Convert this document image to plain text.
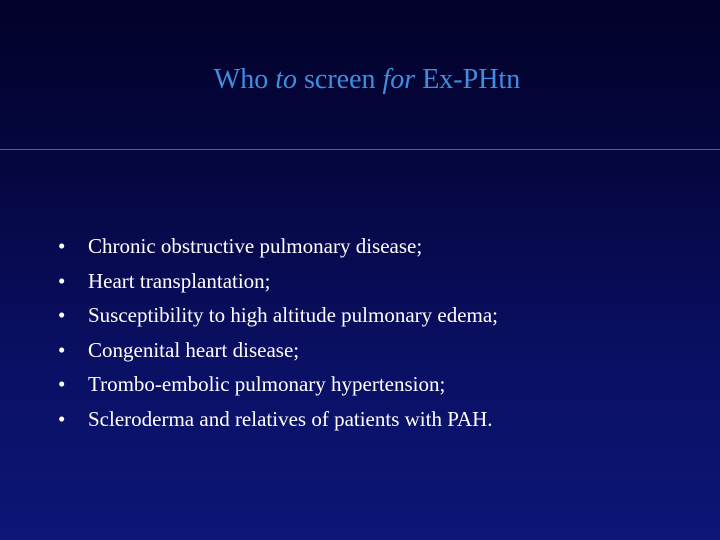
Who to screen for Ex-PHtn
•	Chronic obstructive pulmonary disease;
•	Heart transplantation;
•	Susceptibility to high altitude pulmonary edema;
•	Congenital heart disease;
•	Trombo-embolic pulmonary hypertension;
•	Scleroderma and relatives of patients with PAH.
